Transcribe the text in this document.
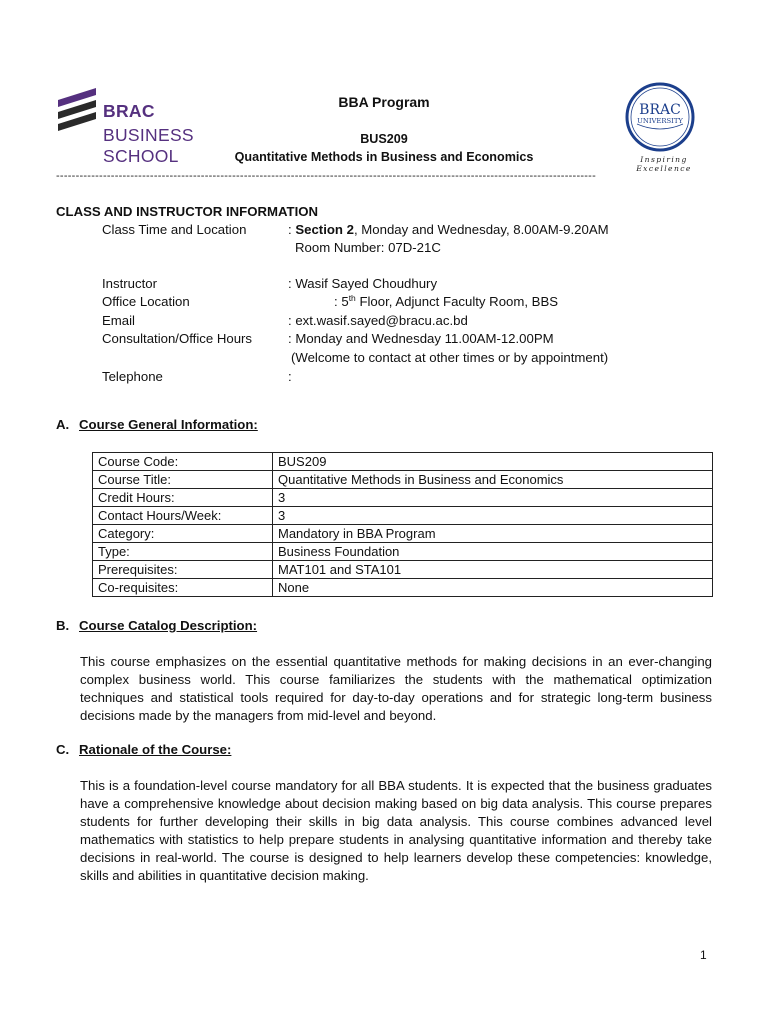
BRAC
BUSINESS
SCHOOL
BBA Program
BUS209
Quantitative Methods in Business and Economics
BRAC
UNIVERSITY
Inspiring Excellence
------------------------------------------------------------------------------------------------------------------------------------------
CLASS AND INSTRUCTOR INFORMATION
Class Time and Location	: Section 2, Monday and Wednesday, 8.00AM-9.20AM
Room Number: 07D-21C
Instructor	: Wasif Sayed Choudhury
Office Location	: 5th Floor, Adjunct Faculty Room, BBS
Email	: ext.wasif.sayed@bracu.ac.bd
Consultation/Office Hours	: Monday and Wednesday 11.00AM-12.00PM
(Welcome to contact at other times or by appointment)
Telephone	:
A. Course General Information:
Course Code:	BUS209
Course Title:	Quantitative Methods in Business and Economics
Credit Hours:	3
Contact Hours/Week:	3
Category:	Mandatory in BBA Program
Type:	Business Foundation
Prerequisites:	MAT101 and STA101
Co-requisites:	None
B. Course Catalog Description:
This course emphasizes on the essential quantitative methods for making decisions in an ever-changing complex business world. This course familiarizes the students with the mathematical optimization techniques and statistical tools required for day-to-day operations and for strategic long-term business decisions made by the managers from mid-level and beyond.
C. Rationale of the Course:
This is a foundation-level course mandatory for all BBA students. It is expected that the business graduates have a comprehensive knowledge about decision making based on big data analysis. This course prepares students for further developing their skills in big data analysis. This course combines advanced level mathematics with statistics to help prepare students in analysing quantitative information and thereby take decisions in real-world. The course is designed to help learners develop these competencies: knowledge, skills and abilities in quantitative decision making.
1
